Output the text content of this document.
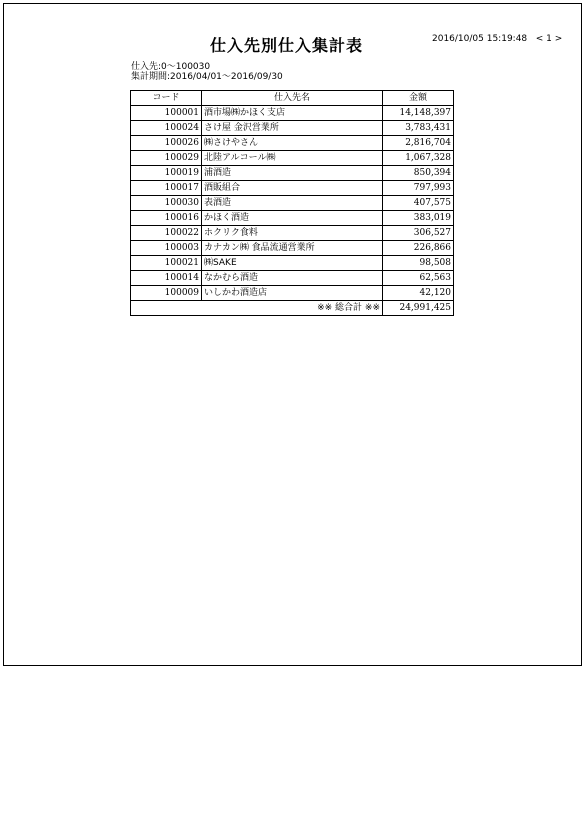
仕入先別仕入集計表	2016/10/05 15:19:48 < 1 >
仕入先:0～100030
集計期間:2016/04/01～2016/09/30
コード	仕入先名	金額
100001	酒市場㈱かほく支店	14,148,397
100024	さけ屋 金沢営業所	3,783,431
100026	㈱さけやさん	2,816,704
100029	北陸アルコール㈱	1,067,328
100019	浦酒造	850,394
100017	酒販組合	797,993
100030	表酒造	407,575
100016	かほく酒造	383,019
100022	ホクリク食料	306,527
100003	カナカン㈱ 食品流通営業所	226,866
100021	㈱SAKE	98,508
100014	なかむら酒造	62,563
100009	いしかわ酒造店	42,120
※※ 総合計 ※※		24,991,425
